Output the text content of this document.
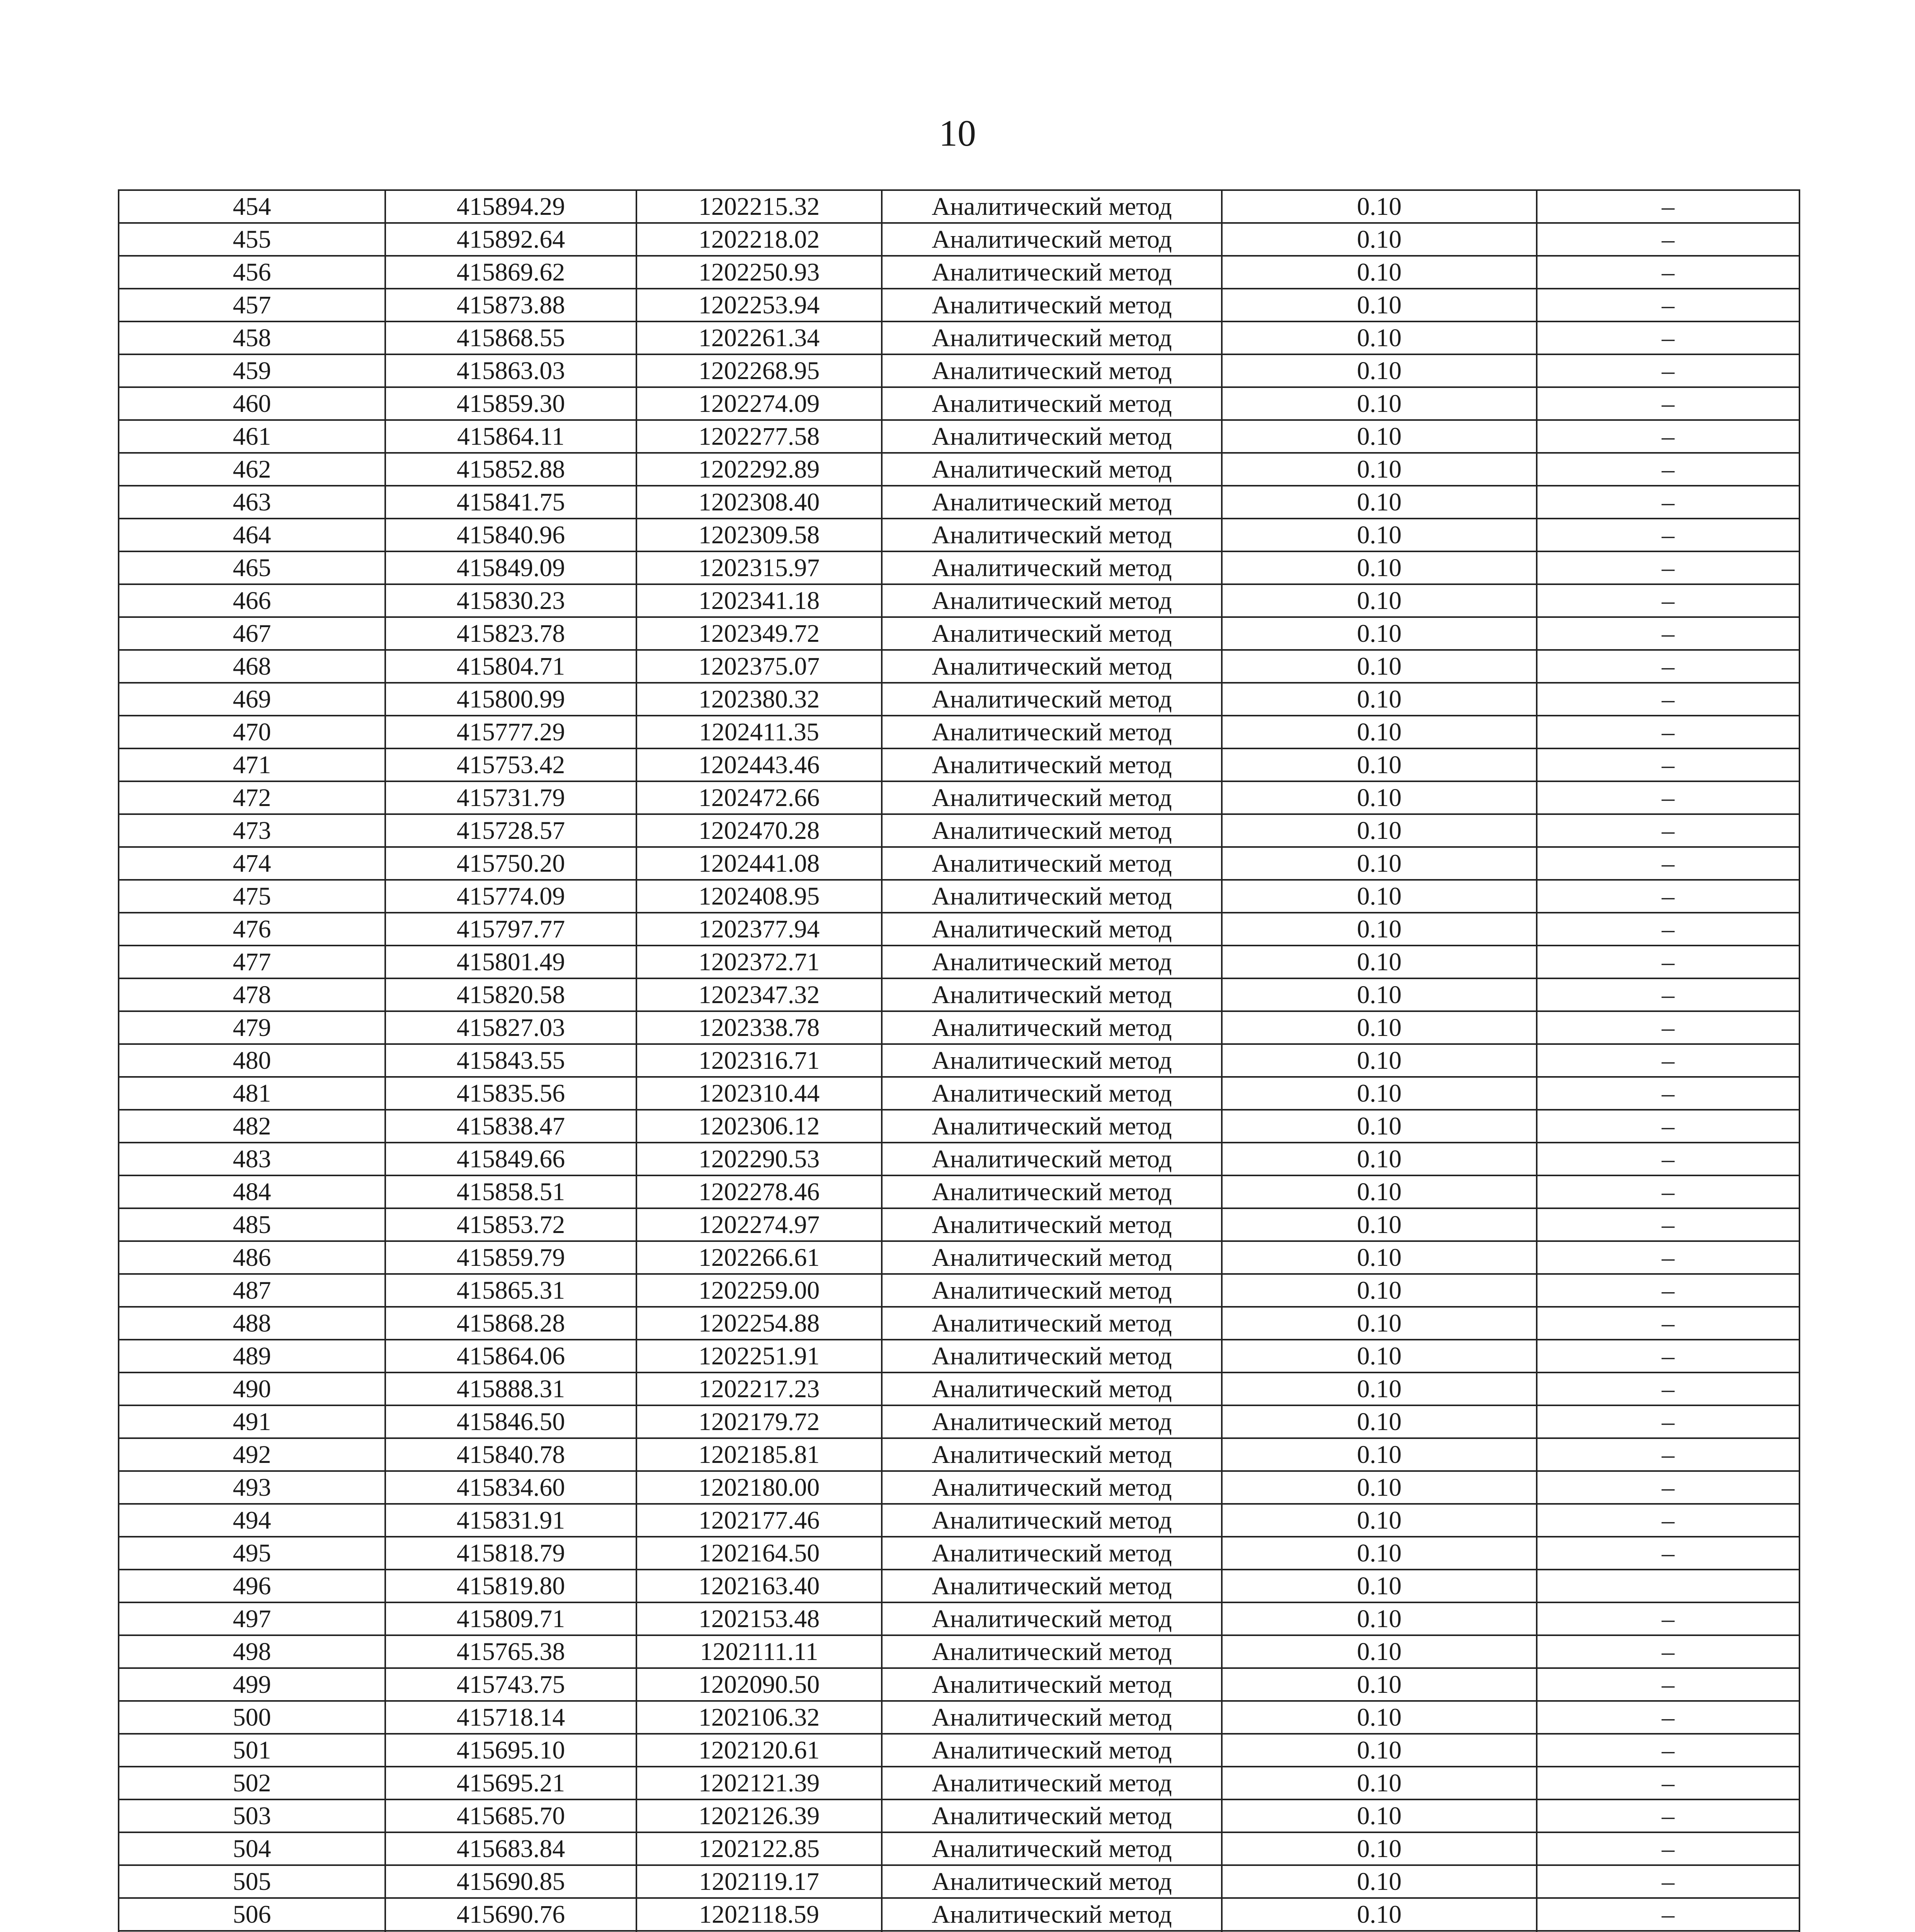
10
454	415894.29	1202215.32	Аналитический метод	0.10	–
455	415892.64	1202218.02	Аналитический метод	0.10	–
456	415869.62	1202250.93	Аналитический метод	0.10	–
457	415873.88	1202253.94	Аналитический метод	0.10	–
458	415868.55	1202261.34	Аналитический метод	0.10	–
459	415863.03	1202268.95	Аналитический метод	0.10	–
460	415859.30	1202274.09	Аналитический метод	0.10	–
461	415864.11	1202277.58	Аналитический метод	0.10	–
462	415852.88	1202292.89	Аналитический метод	0.10	–
463	415841.75	1202308.40	Аналитический метод	0.10	–
464	415840.96	1202309.58	Аналитический метод	0.10	–
465	415849.09	1202315.97	Аналитический метод	0.10	–
466	415830.23	1202341.18	Аналитический метод	0.10	–
467	415823.78	1202349.72	Аналитический метод	0.10	–
468	415804.71	1202375.07	Аналитический метод	0.10	–
469	415800.99	1202380.32	Аналитический метод	0.10	–
470	415777.29	1202411.35	Аналитический метод	0.10	–
471	415753.42	1202443.46	Аналитический метод	0.10	–
472	415731.79	1202472.66	Аналитический метод	0.10	–
473	415728.57	1202470.28	Аналитический метод	0.10	–
474	415750.20	1202441.08	Аналитический метод	0.10	–
475	415774.09	1202408.95	Аналитический метод	0.10	–
476	415797.77	1202377.94	Аналитический метод	0.10	–
477	415801.49	1202372.71	Аналитический метод	0.10	–
478	415820.58	1202347.32	Аналитический метод	0.10	–
479	415827.03	1202338.78	Аналитический метод	0.10	–
480	415843.55	1202316.71	Аналитический метод	0.10	–
481	415835.56	1202310.44	Аналитический метод	0.10	–
482	415838.47	1202306.12	Аналитический метод	0.10	–
483	415849.66	1202290.53	Аналитический метод	0.10	–
484	415858.51	1202278.46	Аналитический метод	0.10	–
485	415853.72	1202274.97	Аналитический метод	0.10	–
486	415859.79	1202266.61	Аналитический метод	0.10	–
487	415865.31	1202259.00	Аналитический метод	0.10	–
488	415868.28	1202254.88	Аналитический метод	0.10	–
489	415864.06	1202251.91	Аналитический метод	0.10	–
490	415888.31	1202217.23	Аналитический метод	0.10	–
491	415846.50	1202179.72	Аналитический метод	0.10	–
492	415840.78	1202185.81	Аналитический метод	0.10	–
493	415834.60	1202180.00	Аналитический метод	0.10	–
494	415831.91	1202177.46	Аналитический метод	0.10	–
495	415818.79	1202164.50	Аналитический метод	0.10	–
496	415819.80	1202163.40	Аналитический метод	0.10	
497	415809.71	1202153.48	Аналитический метод	0.10	–
498	415765.38	1202111.11	Аналитический метод	0.10	–
499	415743.75	1202090.50	Аналитический метод	0.10	–
500	415718.14	1202106.32	Аналитический метод	0.10	–
501	415695.10	1202120.61	Аналитический метод	0.10	–
502	415695.21	1202121.39	Аналитический метод	0.10	–
503	415685.70	1202126.39	Аналитический метод	0.10	–
504	415683.84	1202122.85	Аналитический метод	0.10	–
505	415690.85	1202119.17	Аналитический метод	0.10	–
506	415690.76	1202118.59	Аналитический метод	0.10	–
